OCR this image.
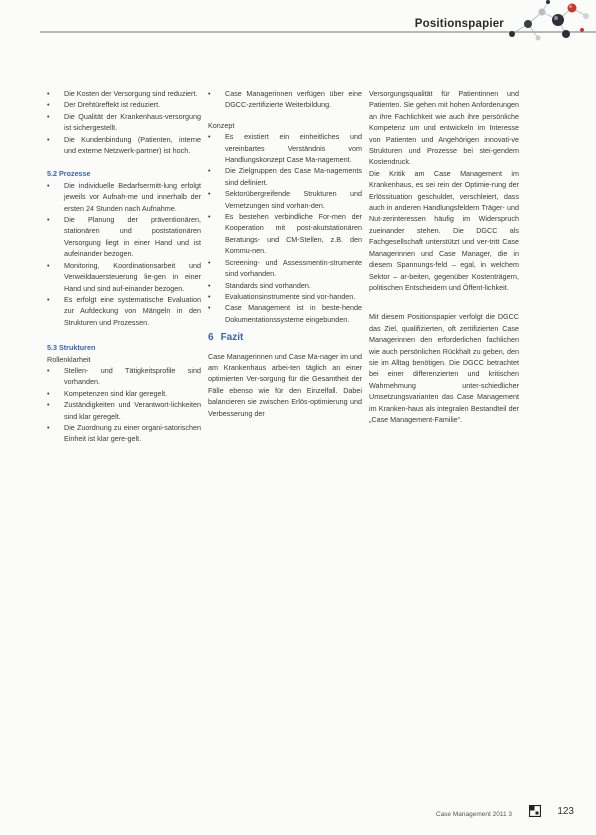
Positionspapier
• Die Kosten der Versorgung sind reduziert.
• Der Drehtüreffekt ist reduziert.
• Die Qualität der Krankenhaus-versorgung ist sichergestellt.
• Die Kundenbindung (Patienten, interne und externe Netzwerk-partner) ist hoch.
5.2 Prozesse
• Die individuelle Bedarfsermitt-lung erfolgt jeweils vor Aufnah-me und innerhalb der ersten 24 Stunden nach Aufnahme.
• Die Planung der präventionären, stationären und poststationären Versorgung liegt in einer Hand und ist aufeinander bezogen.
• Monitoring, Koordinationsarbeit und Verweildauersteuerung lie-gen in einer Hand und sind auf-einander bezogen.
• Es erfolgt eine systematische Evaluation zur Aufdeckung von Mängeln in den Strukturen und Prozessen.
5.3 Strukturen
Rollenklarheit
• Stellen- und Tätigkeitsprofile sind vorhanden.
• Kompetenzen sind klar geregelt.
• Zuständigkeiten und Verantwort-lichkeiten sind klar geregelt.
• Die Zuordnung zu einer organi-satorischen Einheit ist klar gere-gelt.
• Case Managerinnen verfügen über eine DGCC-zertifizierte Weiterbildung.
Konzept
• Es existiert ein einheitliches und vereinbartes Verständnis vom Handlungskonzept Case Ma-nagement.
• Die Zielgruppen des Case Ma-nagements sind definiert.
• Sektorübergreifende Strukturen und Vernetzungen sind vorhan-den.
• Es bestehen verbindliche For-men der Kooperation mit post-akutstationären Beratungs- und CM-Stellen, z.B. den Kommu-nen.
• Screening- und Assessmentin-strumente sind vorhanden.
• Standards sind vorhanden.
• Evaluationsinstrumente sind vor-handen.
• Case Management ist in beste-hende Dokumentationssysteme eingebunden.
6 Fazit

Case Managerinnen und Case Ma-nager im und am Krankenhaus arbei-ten täglich an einer optimierten Ver-sorgung für die Gesamtheit der Fälle ebenso wie für den Einzelfall. Dabei balancieren sie zwischen Erlös-optimierung und Verbesserung der

Versorgungsqualität für Patientinnen und Patienten. Sie gehen mit hohen Anforderungen an ihre Fachlichkeit wie auch ihre persönliche Kompetenz um und entwickeln im Interesse von Patienten und Angehörigen innovati-ve Strukturen und Prozesse bei stei-gendem Kostendruck.

Die Kritik am Case Management im Krankenhaus, es sei rein der Optimie-rung der Erlössituation geschuldet, verschleiert, dass auch in anderen Handlungsfeldern Träger- und Nut-zerinteressen häufig im Widerspruch zueinander stehen. Die DGCC als Fachgesellschaft unterstützt und ver-tritt Case Managerinnen und Case Manager, die in diesem Spannungs-feld – egal, in welchem Sektor – ar-beiten, gegenüber Kostenträgern, politischen Entscheidern und Öffent-lichkeit.

Mit diesem Positionspapier verfolgt die DGCC das Ziel, qualifizierten, oft zertifizierten Case Managerinnen den erforderlichen fachlichen wie auch persönlichen Rückhalt zu geben, den sie im Alltag benötigen. Die DGCC betrachtet bei einer differenzierten und kritischen Wahrnehmung unter-schiedlicher Umsetzungsvarianten das Case Management im Kranken-haus als integralen Bestandteil der „Case Management-Familie“.

Case Management 2011 3	123
